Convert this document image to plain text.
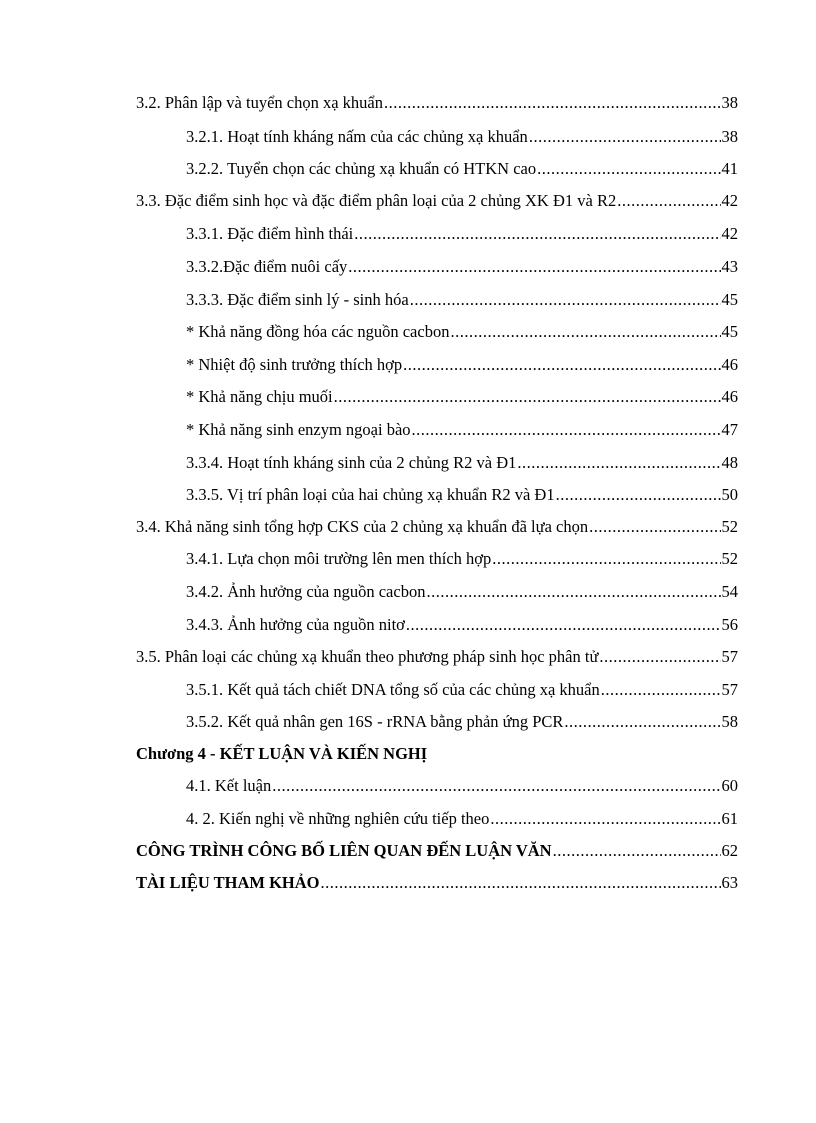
3.2. Phân lập và tuyển chọn xạ khuẩn .....	38
3.2.1. Hoạt tính kháng nấm của các chủng xạ khuẩn .....	38
3.2.2. Tuyển chọn các chủng xạ khuẩn có HTKN cao .....	41
3.3. Đặc điểm sinh học và đặc điểm phân loại của 2 chủng XK Đ1 và R2 .....	42
3.3.1. Đặc điểm hình thái .....	42
3.3.2.Đặc điểm nuôi cấy .....	43
3.3.3. Đặc điểm sinh lý - sinh hóa .....	45
* Khả năng đồng hóa các nguồn cacbon .....	45
* Nhiệt độ sinh trưởng thích hợp .....	46
* Khả năng chịu muối .....	46
* Khả năng sinh enzym ngoại bào .....	47
3.3.4. Hoạt tính kháng sinh của 2 chủng R2 và Đ1 .....	48
3.3.5. Vị trí phân loại của hai chủng xạ khuẩn R2 và Đ1 .....	50
3.4. Khả năng sinh tổng hợp CKS của 2 chủng xạ khuẩn đã lựa chọn .....	52
3.4.1. Lựa chọn môi trường lên men thích hợp .....	52
3.4.2. Ảnh hưởng của nguồn cacbon .....	54
3.4.3. Ảnh hưởng của nguồn nitơ .....	56
3.5. Phân loại các chủng xạ khuẩn theo phương pháp sinh học phân tử .....	57
3.5.1. Kết quả tách chiết DNA tổng số của các chủng xạ khuẩn .....	57
3.5.2. Kết quả nhân gen 16S - rRNA bằng phản ứng PCR .....	58
Chương 4 - KẾT LUẬN VÀ KIẾN NGHỊ
4.1. Kết luận .....	60
4. 2. Kiến nghị về những nghiên cứu tiếp theo .....	61
CÔNG TRÌNH CÔNG BỐ LIÊN QUAN ĐẾN LUẬN VĂN .....	62
TÀI LIỆU THAM KHẢO .....	63
